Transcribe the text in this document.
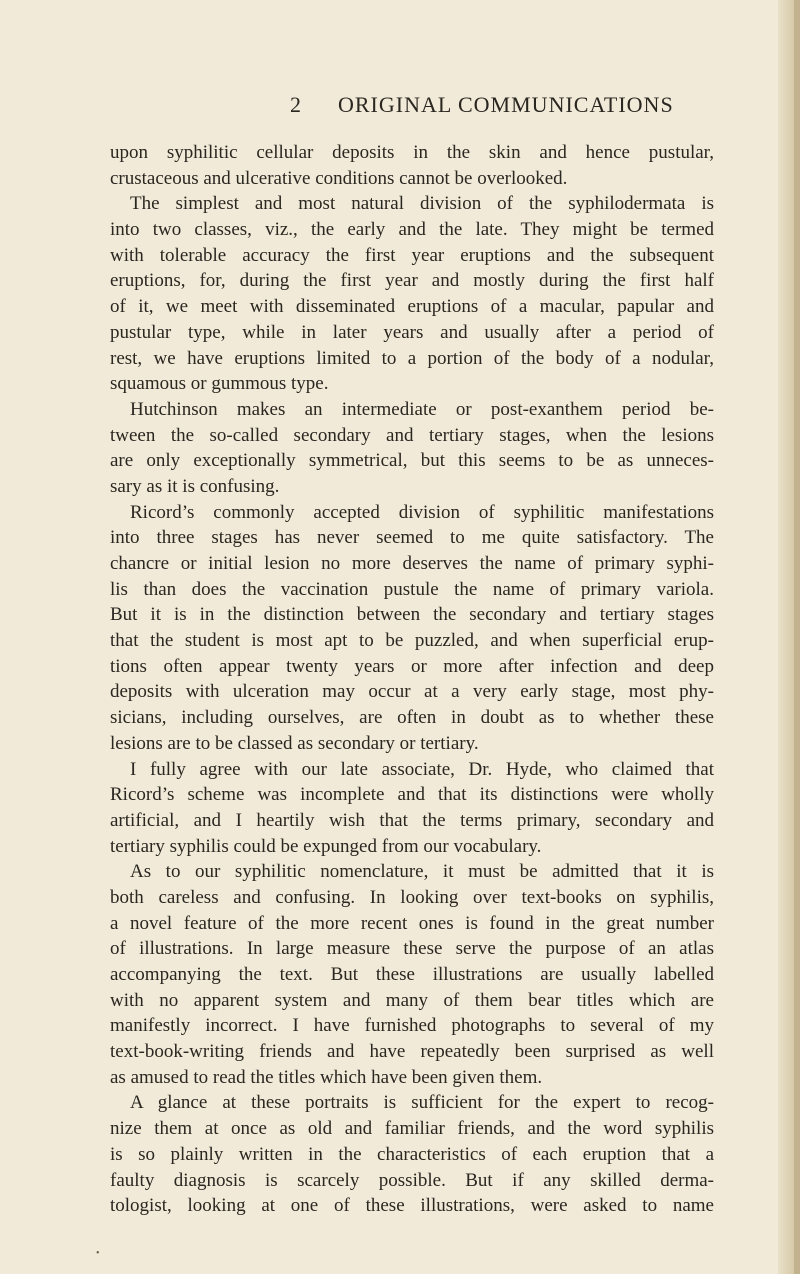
2 ORIGINAL COMMUNICATIONS
upon syphilitic cellular deposits in the skin and hence pustular,
crustaceous and ulcerative conditions cannot be overlooked.
The simplest and most natural division of the syphilodermata is
into two classes, viz., the early and the late. They might be termed
with tolerable accuracy the first year eruptions and the subsequent
eruptions, for, during the first year and mostly during the first half
of it, we meet with disseminated eruptions of a macular, papular and
pustular type, while in later years and usually after a period of
rest, we have eruptions limited to a portion of the body of a nodular,
squamous or gummous type.
Hutchinson makes an intermediate or post-exanthem period be-
tween the so-called secondary and tertiary stages, when the lesions
are only exceptionally symmetrical, but this seems to be as unneces-
sary as it is confusing.
Ricord’s commonly accepted division of syphilitic manifestations
into three stages has never seemed to me quite satisfactory. The
chancre or initial lesion no more deserves the name of primary syphi-
lis than does the vaccination pustule the name of primary variola.
But it is in the distinction between the secondary and tertiary stages
that the student is most apt to be puzzled, and when superficial erup-
tions often appear twenty years or more after infection and deep
deposits with ulceration may occur at a very early stage, most phy-
sicians, including ourselves, are often in doubt as to whether these
lesions are to be classed as secondary or tertiary.
I fully agree with our late associate, Dr. Hyde, who claimed that
Ricord’s scheme was incomplete and that its distinctions were wholly
artificial, and I heartily wish that the terms primary, secondary and
tertiary syphilis could be expunged from our vocabulary.
As to our syphilitic nomenclature, it must be admitted that it is
both careless and confusing. In looking over text-books on syphilis,
a novel feature of the more recent ones is found in the great number
of illustrations. In large measure these serve the purpose of an atlas
accompanying the text. But these illustrations are usually labelled
with no apparent system and many of them bear titles which are
manifestly incorrect. I have furnished photographs to several of my
text-book-writing friends and have repeatedly been surprised as well
as amused to read the titles which have been given them.
A glance at these portraits is sufficient for the expert to recog-
nize them at once as old and familiar friends, and the word syphilis
is so plainly written in the characteristics of each eruption that a
faulty diagnosis is scarcely possible. But if any skilled derma-
tologist, looking at one of these illustrations, were asked to name
•
